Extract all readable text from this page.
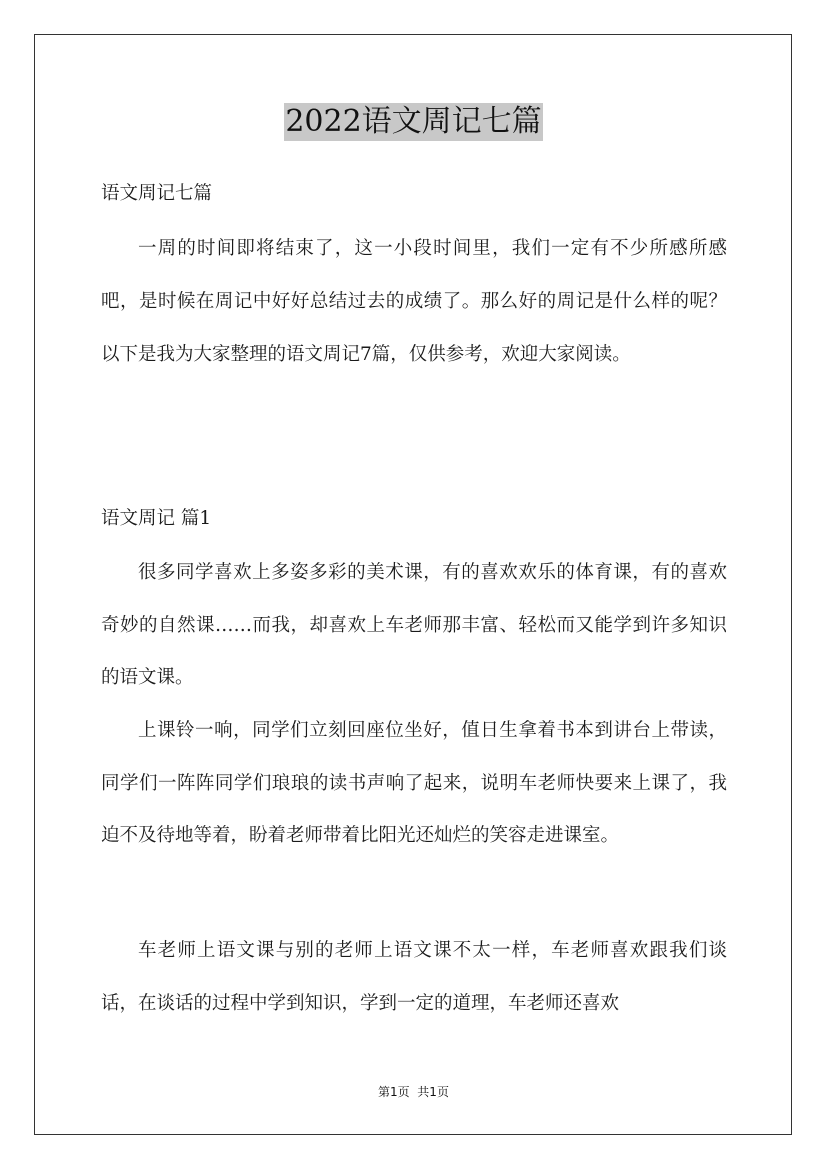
2022语文周记七篇

语文周记七篇

一周的时间即将结束了，这一小段时间里，我们一定有不少所感所感吧，是时候在周记中好好总结过去的成绩了。那么好的周记是什么样的呢？以下是我为大家整理的语文周记7篇，仅供参考，欢迎大家阅读。

语文周记 篇1

很多同学喜欢上多姿多彩的美术课，有的喜欢欢乐的体育课，有的喜欢奇妙的自然课……而我，却喜欢上车老师那丰富、轻松而又能学到许多知识的语文课。

上课铃一响，同学们立刻回座位坐好，值日生拿着书本到讲台上带读，同学们一阵阵同学们琅琅的读书声响了起来，说明车老师快要来上课了，我迫不及待地等着，盼着老师带着比阳光还灿烂的笑容走进课室。

车老师上语文课与别的老师上语文课不太一样，车老师喜欢跟我们谈话，在谈话的过程中学到知识，学到一定的道理，车老师还喜欢

第1页  共1页
